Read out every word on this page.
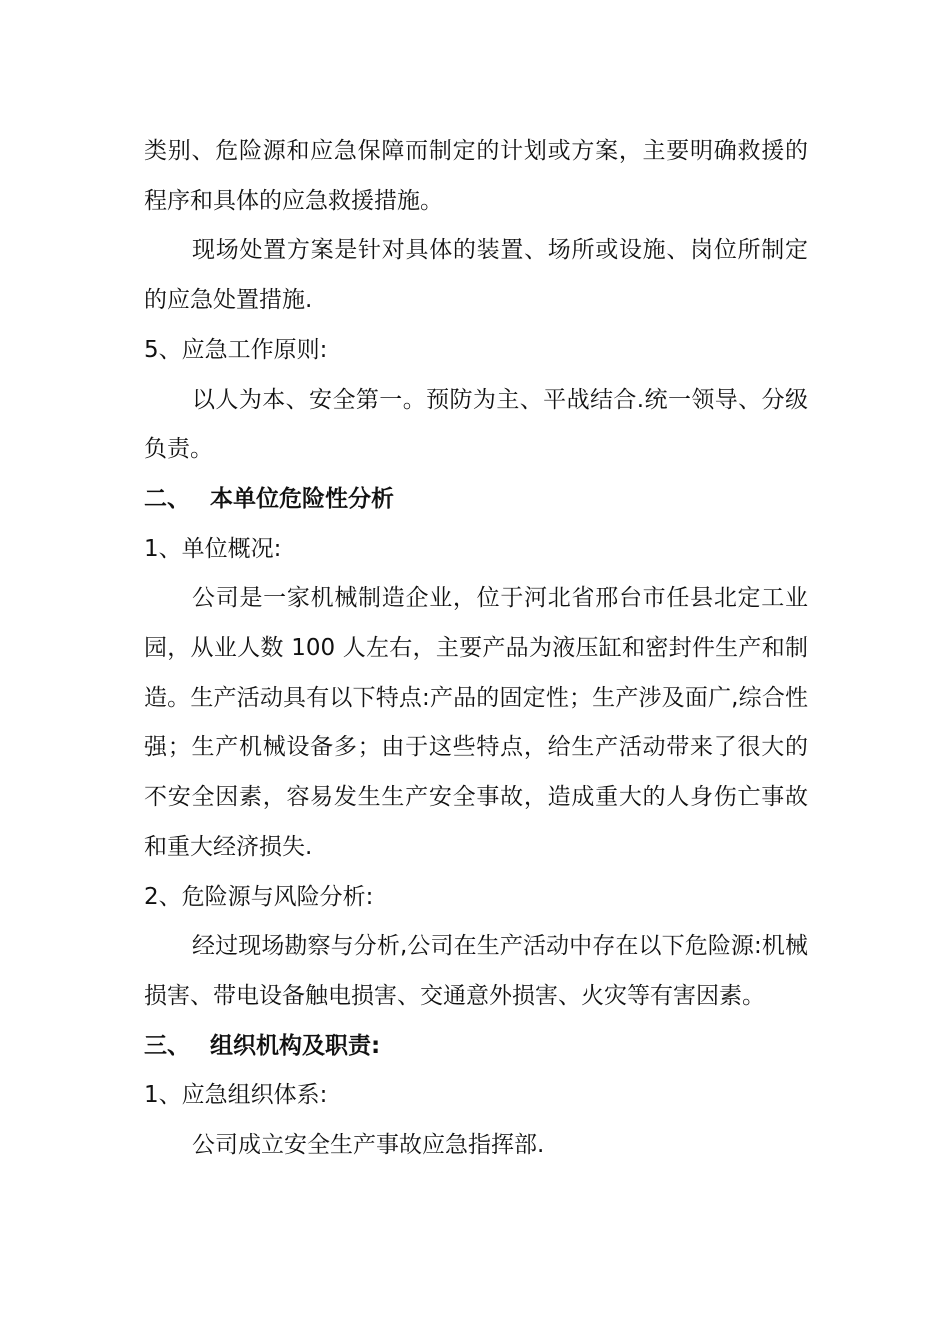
类别、危险源和应急保障而制定的计划或方案，主要明确救援的程序和具体的应急救援措施。

现场处置方案是针对具体的装置、场所或设施、岗位所制定的应急处置措施.

5、应急工作原则:

以人为本、安全第一。预防为主、平战结合.统一领导、分级负责。

二、 本单位危险性分析

1、单位概况:

公司是一家机械制造企业，位于河北省邢台市任县北定工业园，从业人数 100 人左右，主要产品为液压缸和密封件生产和制造。生产活动具有以下特点:产品的固定性；生产涉及面广,综合性强；生产机械设备多；由于这些特点，给生产活动带来了很大的不安全因素，容易发生生产安全事故，造成重大的人身伤亡事故和重大经济损失.

2、危险源与风险分析:

经过现场勘察与分析,公司在生产活动中存在以下危险源:机械损害、带电设备触电损害、交通意外损害、火灾等有害因素。

三、 组织机构及职责:

1、应急组织体系:

公司成立安全生产事故应急指挥部.
